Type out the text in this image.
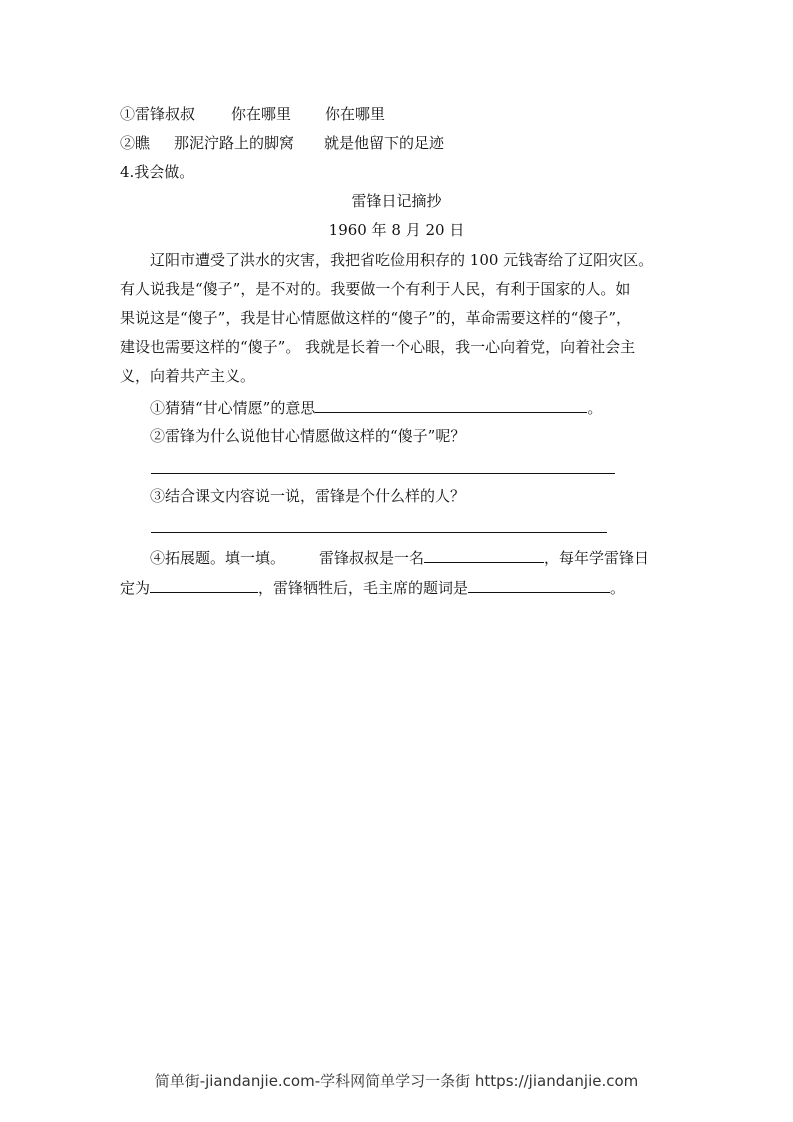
①雷锋叔叔 你在哪里 你在哪里
②瞧 那泥泞路上的脚窝 就是他留下的足迹
4.我会做。
雷锋日记摘抄
1960 年 8 月 20 日
辽阳市遭受了洪水的灾害，我把省吃俭用积存的 100 元钱寄给了辽阳灾区。
有人说我是“傻子”，是不对的。我要做一个有利于人民，有利于国家的人。如
果说这是“傻子”，我是甘心情愿做这样的“傻子”的，革命需要这样的“傻子”，
建设也需要这样的“傻子”。 我就是长着一个心眼，我一心向着党，向着社会主
义，向着共产主义。
①猜猜“甘心情愿”的意思	。
②雷锋为什么说他甘心情愿做这样的“傻子”呢？
③结合课文内容说一说，雷锋是个什么样的人？
④拓展题。填一填。 雷锋叔叔是一名	，每年学雷锋日
定为	，雷锋牺牲后，毛主席的题词是	。
简单街-jiandanjie.com-学科网简单学习一条街 https://jiandanjie.com
